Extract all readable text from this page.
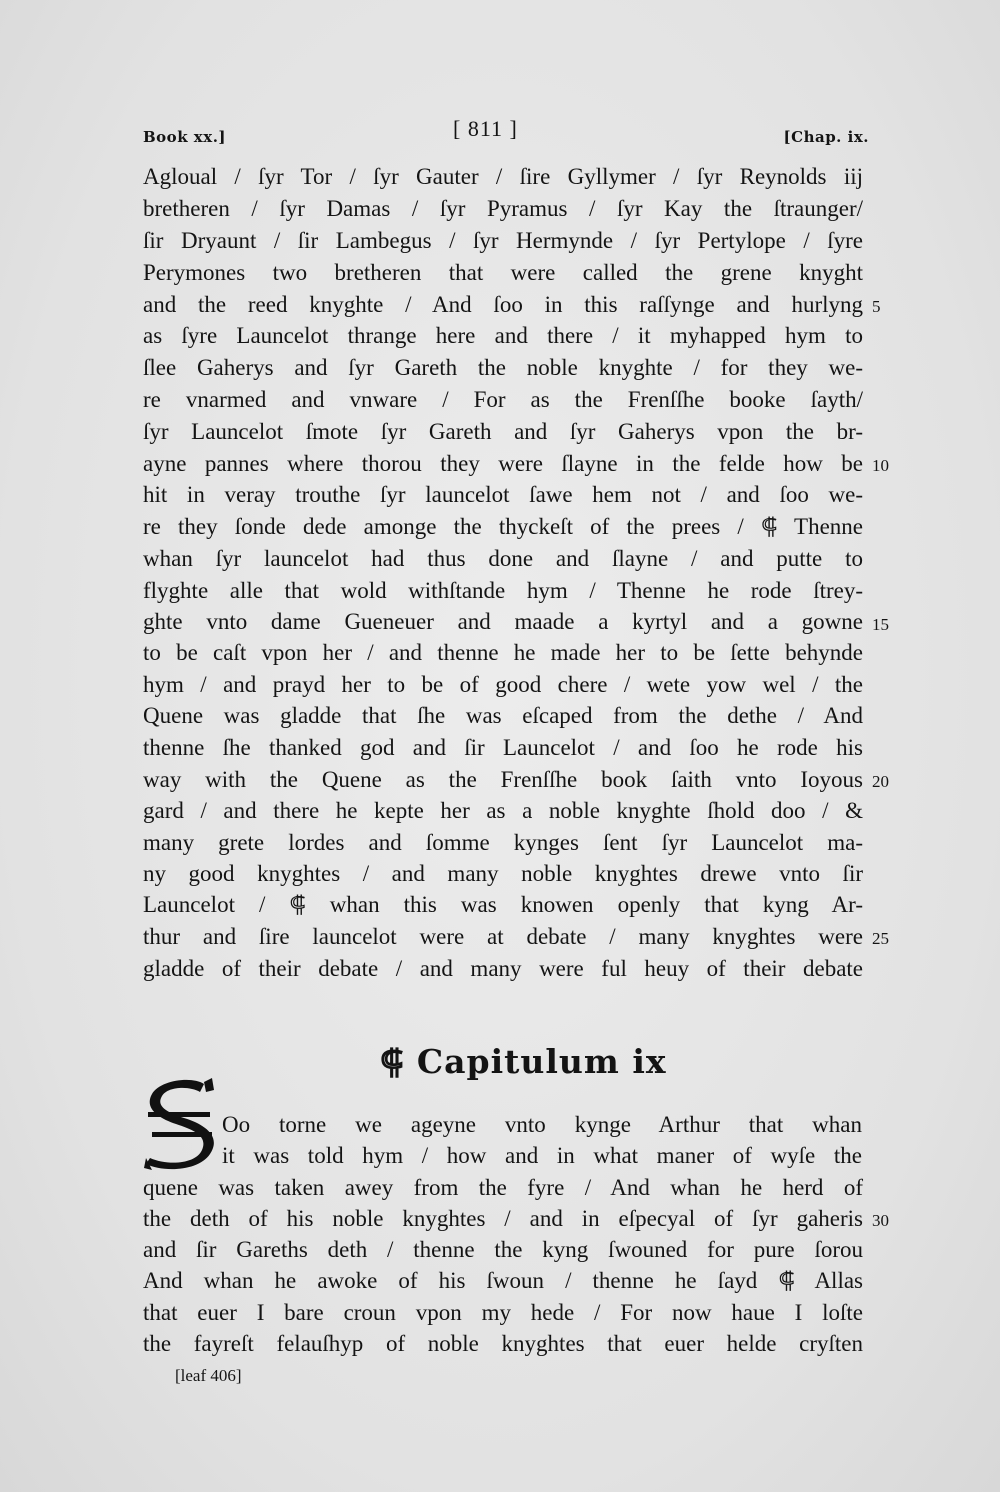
Book xx.]	[ 811 ]	[Chap. ix.
Agloual / ſyr Tor / ſyr Gauter / ſire Gyllymer / ſyr Reynolds iij
bretheren / ſyr Damas / ſyr Pyramus / ſyr Kay the ſtraunger/
ſir Dryaunt / ſir Lambegus / ſyr Hermynde / ſyr Pertylope / ſyre
Perymones two bretheren that were called the grene knyght
and the reed knyghte / And ſoo in this raſſynge and hurlyng
as ſyre Launcelot thrange here and there / it myhapped hym to
ſlee Gaherys and ſyr Gareth the noble knyghte / for they we-
re vnarmed and vnware / For as the Frenſſhe booke ſayth/
ſyr Launcelot ſmote ſyr Gareth and ſyr Gaherys vpon the br-
ayne pannes where thorou they were ſlayne in the felde how be
hit in veray trouthe ſyr launcelot ſawe hem not / and ſoo we-
re they ſonde dede amonge the thyckeſt of the prees / ⸿ Thenne
whan ſyr launcelot had thus done and ſlayne / and putte to
flyghte alle that wold withſtande hym / Thenne he rode ſtrey-
ghte vnto dame Gueneuer and maade a kyrtyl and a gowne
to be caſt vpon her / and thenne he made her to be ſette behynde
hym / and prayd her to be of good chere / wete yow wel / the
Quene was gladde that ſhe was eſcaped from the dethe / And
thenne ſhe thanked god and ſir Launcelot / and ſoo he rode his
way with the Quene as the Frenſſhe book ſaith vnto Ioyous
gard / and there he kepte her as a noble knyghte ſhold doo / &
many grete lordes and ſomme kynges ſent ſyr Launcelot ma-
ny good knyghtes / and many noble knyghtes drewe vnto ſir
Launcelot / ⸿ whan this was knowen openly that kyng Ar-
thur and ſire launcelot were at debate / many knyghtes were
gladde of their debate / and many were ful heuy of their debate
5
10
15
20
25
30
⸿ Capitulum ix
Oo torne we ageyne vnto kynge Arthur that whan
it was told hym / how and in what maner of wyſe the
quene was taken awey from the fyre / And whan he herd of
the deth of his noble knyghtes / and in eſpecyal of ſyr gaheris
and ſir Gareths deth / thenne the kyng ſwouned for pure ſorou
And whan he awoke of his ſwoun / thenne he ſayd ⸿ Allas
that euer I bare croun vpon my hede / For now haue I loſte
the fayreſt felauſhyp of noble knyghtes that euer helde cryſten
[leaf 406]
